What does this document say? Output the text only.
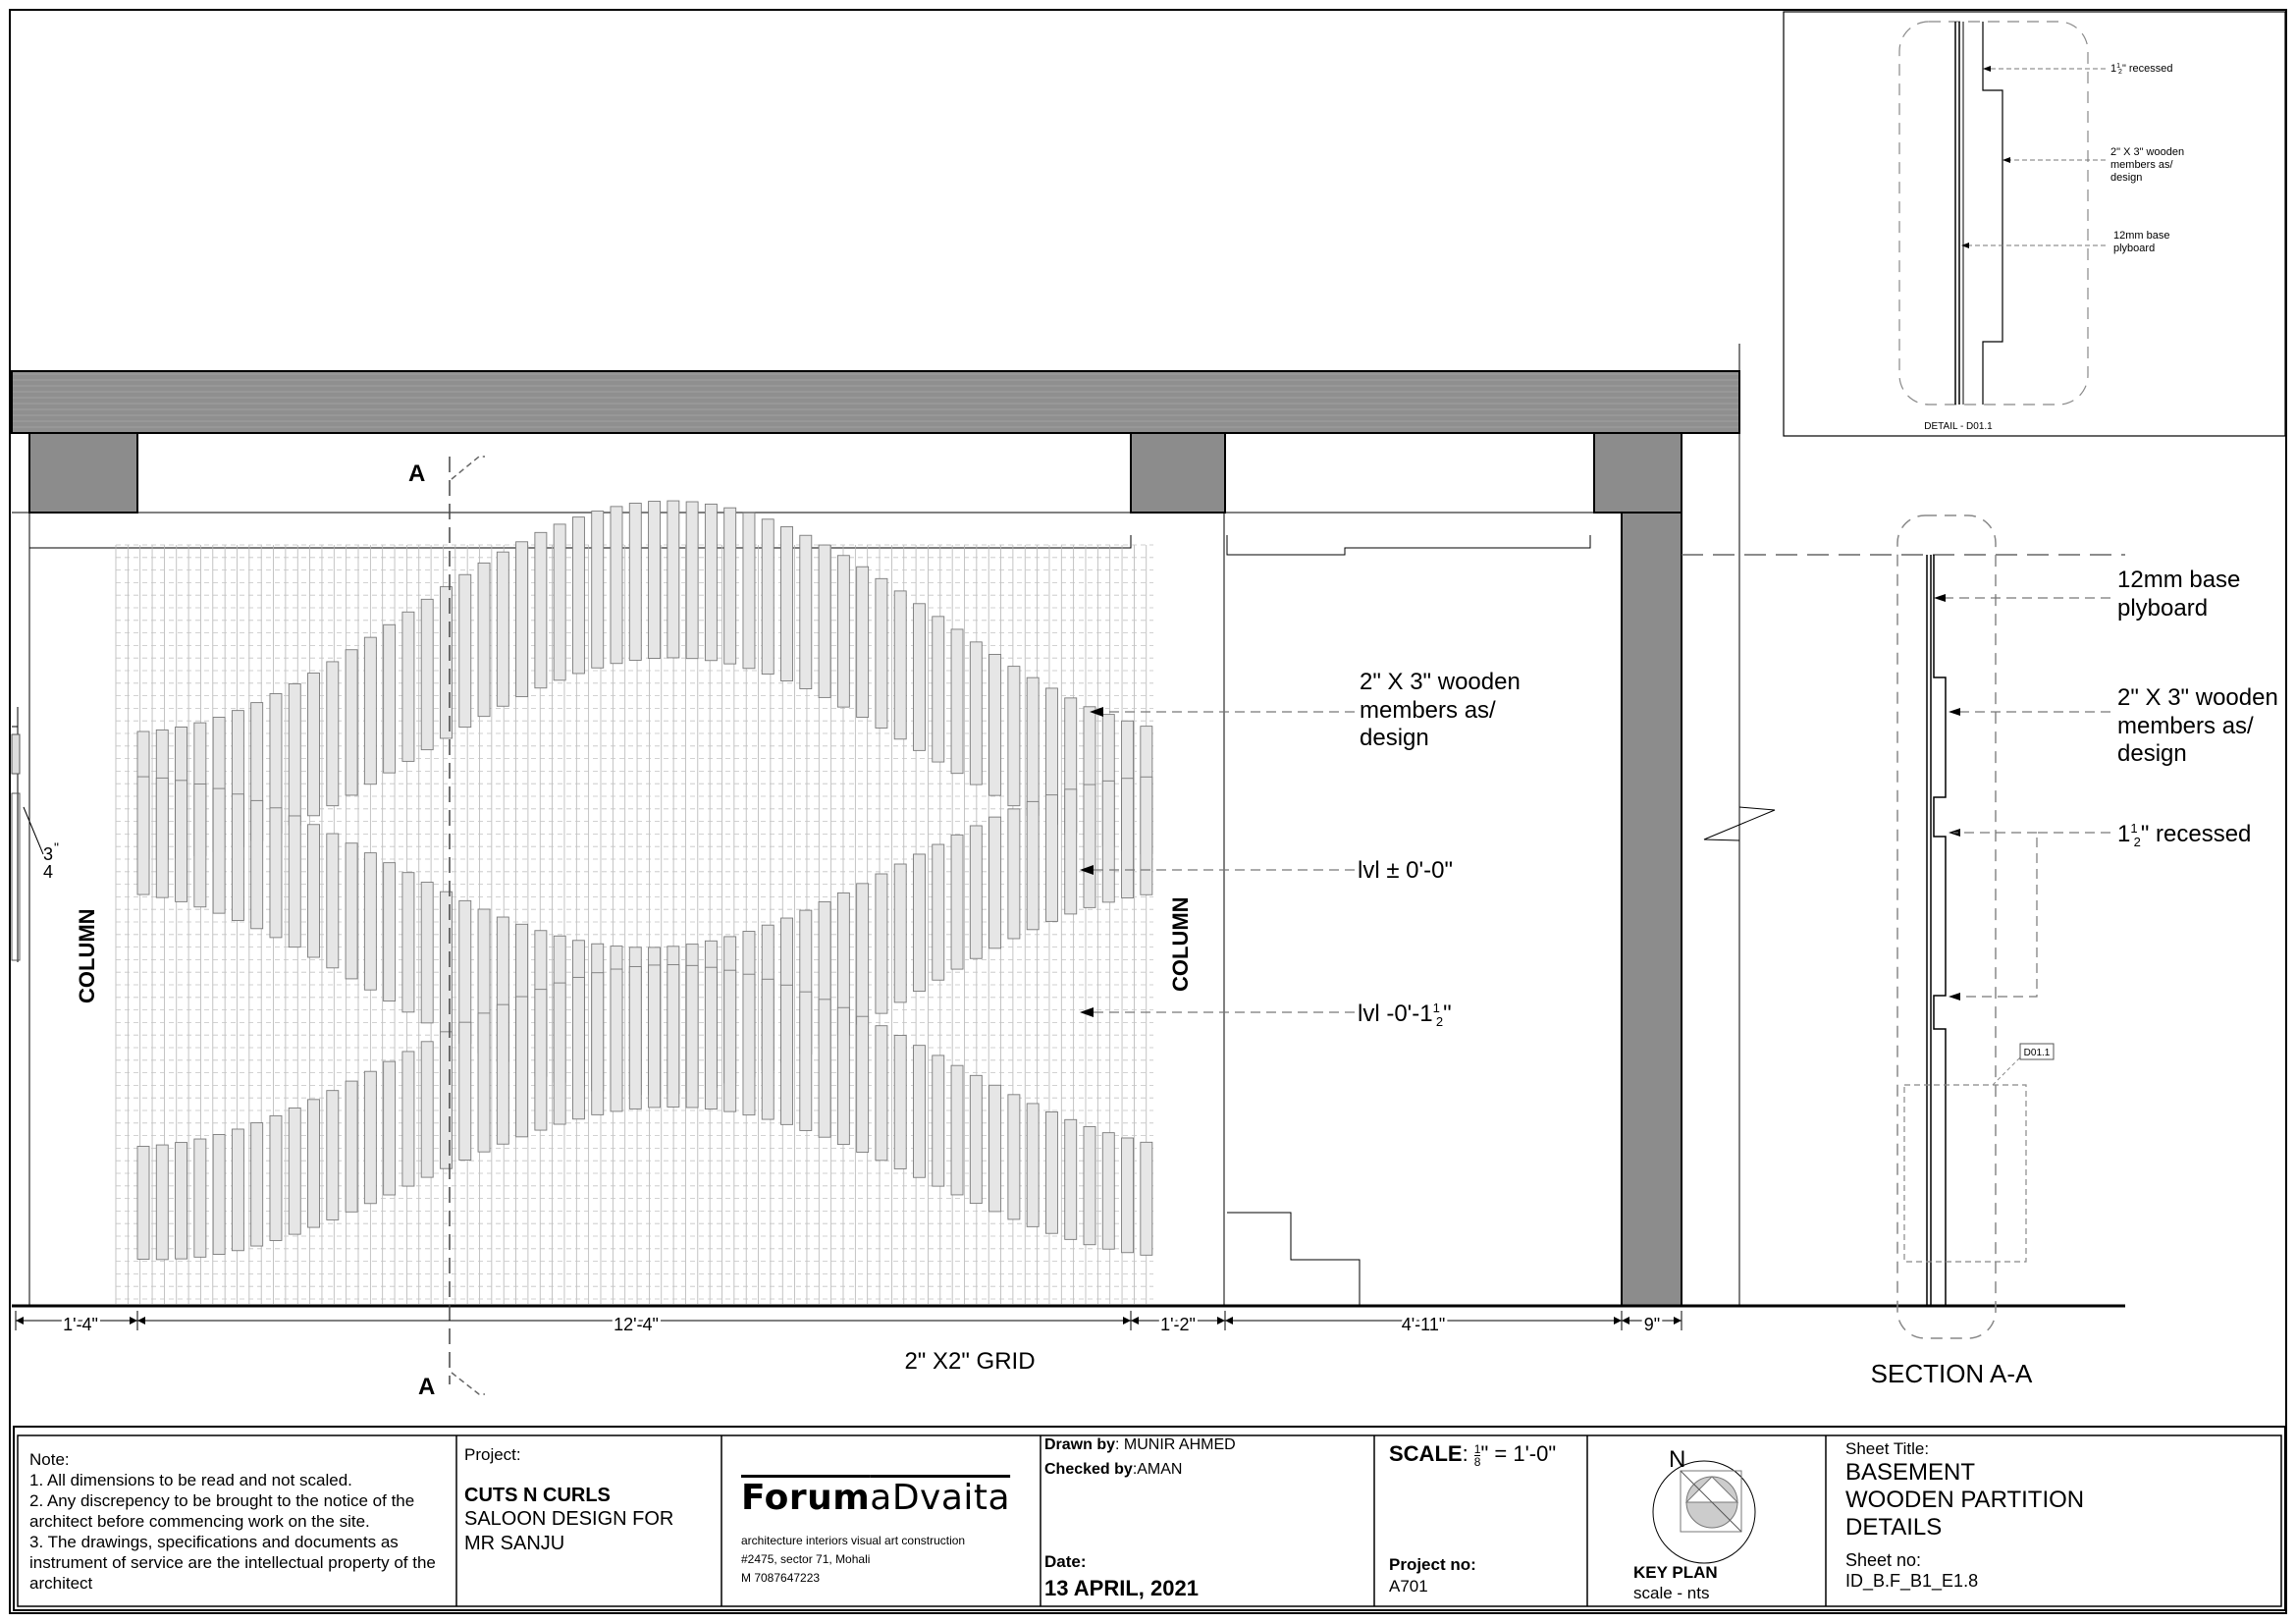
A
A
COLUMN	COLUMN
2" X 3" wooden members as/ design
lvl ± 0'-0"
lvl $-0'-1^1$ 2"
3 "
4
1'-4"	12'-4"	1'-2"	4'-11"	9"
2" X2" GRID
D01.1
12mm base plyboard
2" X 3" wooden members as/ design
$1^1$ 2" recessed
SECTION A-A
$1^1$ 2" recessed
2" X 3" wooden members as/ design
12mm base plyboard
DETAIL - D01.1
Note:
1. All dimensions to be read and not scaled.
2. Any discrepency to be brought to the notice of the
architect before commencing work on the site.
3. The drawings, specifications and documents as
instrument of service are the intellectual property of the
architect
Project:
CUTS N CURLS
SALOON DESIGN FOR
MR SANJU
ForumaDvaita
architecture interiors visual art construction
#2475, sector 71, Mohali
M 7087647223
Drawn by: MUNIR AHMED
Checked by:AMAN
Date:
13 APRIL, 2021
SCALE: $\frac{1}{8}$ " = 1'-0"
Project no:
A701
N
KEY PLAN
scale - nts
Sheet Title:
BASEMENT
WOODEN PARTITION
DETAILS
Sheet no:
ID_B.F_B1_E1.8
